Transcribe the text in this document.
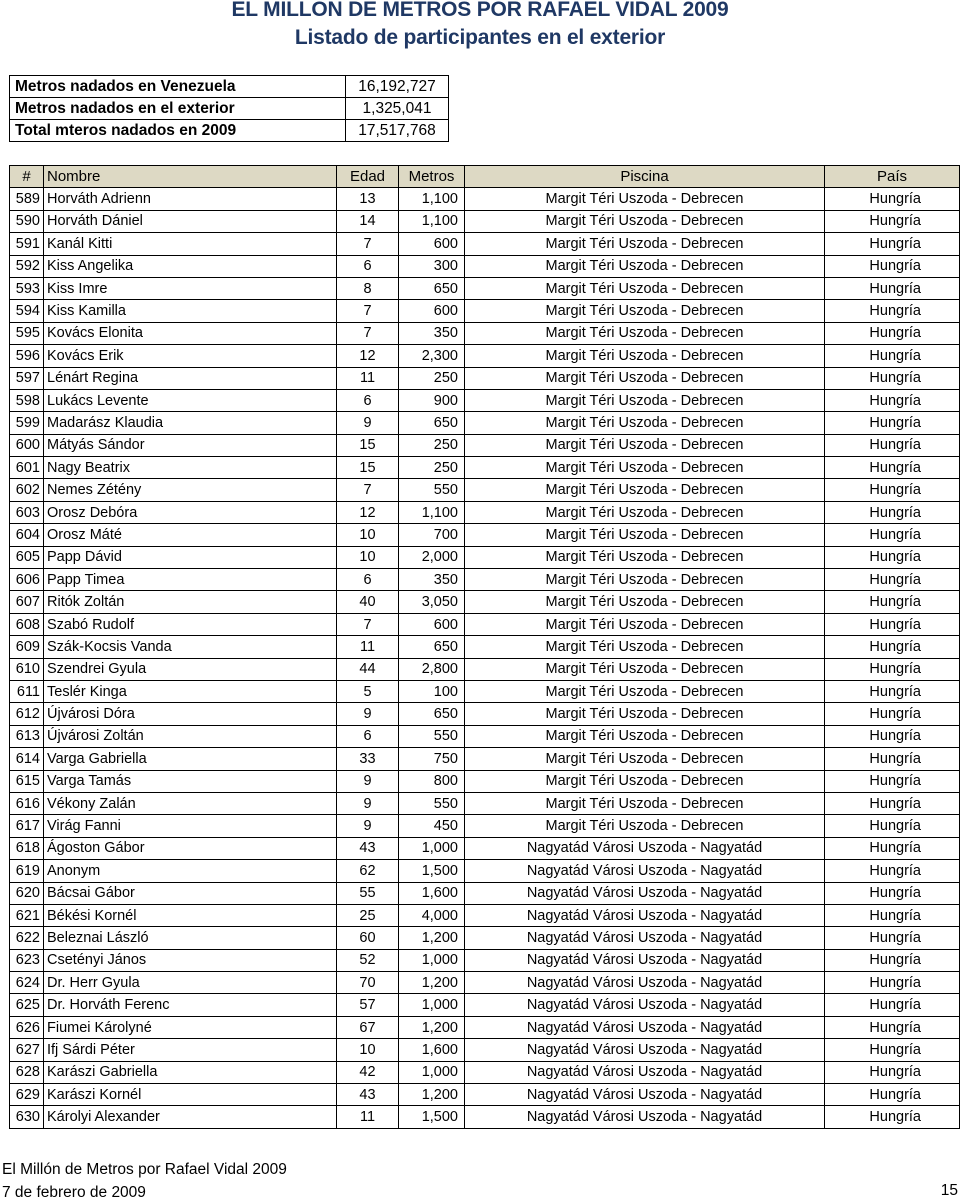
EL MILLON DE METROS POR RAFAEL VIDAL 2009
Listado de participantes en el exterior
Metros nadados en Venezuela	16,192,727
Metros nadados en el exterior	1,325,041
Total mteros nadados en 2009	17,517,768
#	Nombre	Edad	Metros	Piscina	País
589	Horváth Adrienn	13	1,100	Margit Téri Uszoda - Debrecen	Hungría
590	Horváth Dániel	14	1,100	Margit Téri Uszoda - Debrecen	Hungría
591	Kanál Kitti	7	600	Margit Téri Uszoda - Debrecen	Hungría
592	Kiss Angelika	6	300	Margit Téri Uszoda - Debrecen	Hungría
593	Kiss Imre	8	650	Margit Téri Uszoda - Debrecen	Hungría
594	Kiss Kamilla	7	600	Margit Téri Uszoda - Debrecen	Hungría
595	Kovács Elonita	7	350	Margit Téri Uszoda - Debrecen	Hungría
596	Kovács Erik	12	2,300	Margit Téri Uszoda - Debrecen	Hungría
597	Lénárt Regina	11	250	Margit Téri Uszoda - Debrecen	Hungría
598	Lukács Levente	6	900	Margit Téri Uszoda - Debrecen	Hungría
599	Madarász Klaudia	9	650	Margit Téri Uszoda - Debrecen	Hungría
600	Mátyás Sándor	15	250	Margit Téri Uszoda - Debrecen	Hungría
601	Nagy Beatrix	15	250	Margit Téri Uszoda - Debrecen	Hungría
602	Nemes Zétény	7	550	Margit Téri Uszoda - Debrecen	Hungría
603	Orosz Debóra	12	1,100	Margit Téri Uszoda - Debrecen	Hungría
604	Orosz Máté	10	700	Margit Téri Uszoda - Debrecen	Hungría
605	Papp Dávid	10	2,000	Margit Téri Uszoda - Debrecen	Hungría
606	Papp Timea	6	350	Margit Téri Uszoda - Debrecen	Hungría
607	Ritók Zoltán	40	3,050	Margit Téri Uszoda - Debrecen	Hungría
608	Szabó Rudolf	7	600	Margit Téri Uszoda - Debrecen	Hungría
609	Szák-Kocsis Vanda	11	650	Margit Téri Uszoda - Debrecen	Hungría
610	Szendrei Gyula	44	2,800	Margit Téri Uszoda - Debrecen	Hungría
611	Teslér Kinga	5	100	Margit Téri Uszoda - Debrecen	Hungría
612	Újvárosi Dóra	9	650	Margit Téri Uszoda - Debrecen	Hungría
613	Újvárosi Zoltán	6	550	Margit Téri Uszoda - Debrecen	Hungría
614	Varga Gabriella	33	750	Margit Téri Uszoda - Debrecen	Hungría
615	Varga Tamás	9	800	Margit Téri Uszoda - Debrecen	Hungría
616	Vékony Zalán	9	550	Margit Téri Uszoda - Debrecen	Hungría
617	Virág Fanni	9	450	Margit Téri Uszoda - Debrecen	Hungría
618	Ágoston Gábor	43	1,000	Nagyatád Városi Uszoda - Nagyatád	Hungría
619	Anonym	62	1,500	Nagyatád Városi Uszoda - Nagyatád	Hungría
620	Bácsai Gábor	55	1,600	Nagyatád Városi Uszoda - Nagyatád	Hungría
621	Békési Kornél	25	4,000	Nagyatád Városi Uszoda - Nagyatád	Hungría
622	Beleznai László	60	1,200	Nagyatád Városi Uszoda - Nagyatád	Hungría
623	Csetényi János	52	1,000	Nagyatád Városi Uszoda - Nagyatád	Hungría
624	Dr. Herr Gyula	70	1,200	Nagyatád Városi Uszoda - Nagyatád	Hungría
625	Dr. Horváth Ferenc	57	1,000	Nagyatád Városi Uszoda - Nagyatád	Hungría
626	Fiumei Károlyné	67	1,200	Nagyatád Városi Uszoda - Nagyatád	Hungría
627	Ifj Sárdi Péter	10	1,600	Nagyatád Városi Uszoda - Nagyatád	Hungría
628	Karászi Gabriella	42	1,000	Nagyatád Városi Uszoda - Nagyatád	Hungría
629	Karászi Kornél	43	1,200	Nagyatád Városi Uszoda - Nagyatád	Hungría
630	Károlyi Alexander	11	1,500	Nagyatád Városi Uszoda - Nagyatád	Hungría
El Millón de Metros por Rafael Vidal 2009
7 de febrero de 2009	15
